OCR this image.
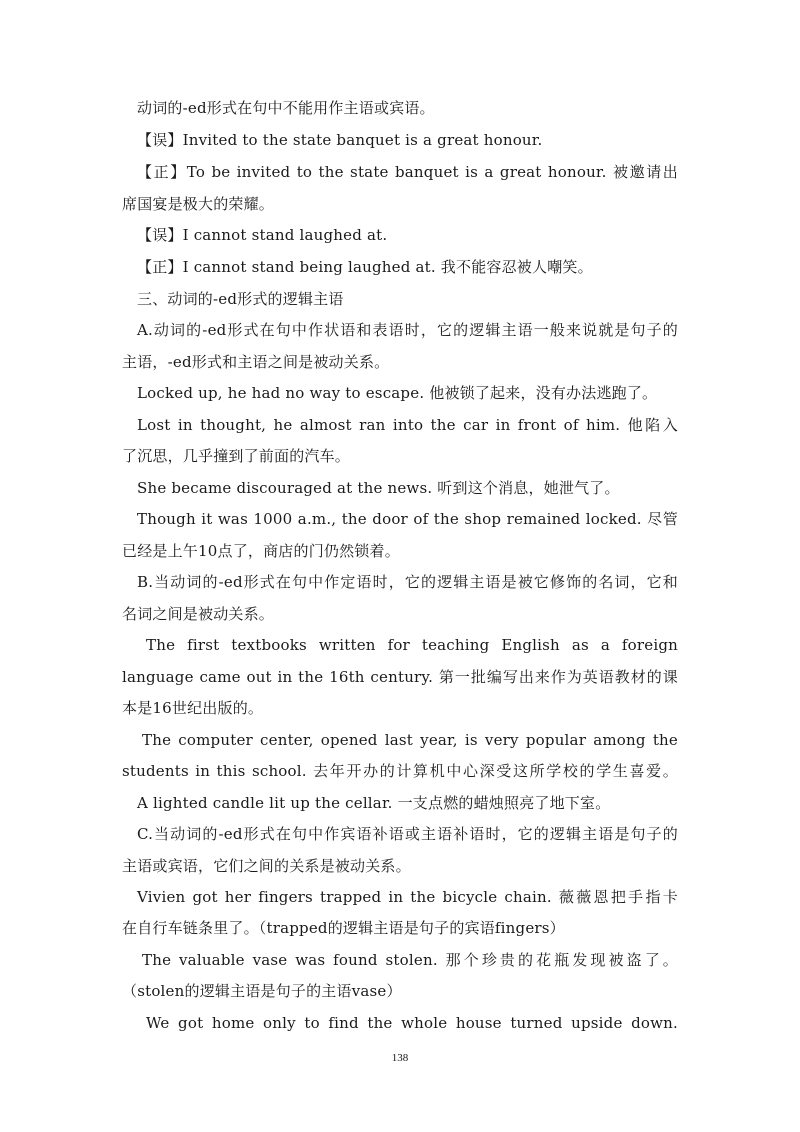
动词的-ed形式在句中不能用作主语或宾语。
【误】Invited to the state banquet is a great honour.
【正】To be invited to the state banquet is a great honour. 被邀请出
席国宴是极大的荣耀。
【误】I cannot stand laughed at.
【正】I cannot stand being laughed at. 我不能容忍被人嘲笑。
三、动词的-ed形式的逻辑主语
A.动词的-ed形式在句中作状语和表语时，它的逻辑主语一般来说就是句子的
主语，-ed形式和主语之间是被动关系。
Locked up, he had no way to escape. 他被锁了起来，没有办法逃跑了。
Lost in thought, he almost ran into the car in front of him. 他陷入
了沉思，几乎撞到了前面的汽车。
She became discouraged at the news. 听到这个消息，她泄气了。
Though it was 1000 a.m., the door of the shop remained locked. 尽管
已经是上午10点了，商店的门仍然锁着。
B.当动词的-ed形式在句中作定语时，它的逻辑主语是被它修饰的名词，它和
名词之间是被动关系。
The first textbooks written for teaching English as a foreign
language came out in the 16th century. 第一批编写出来作为英语教材的课
本是16世纪出版的。
The computer center, opened last year, is very popular among the
students in this school. 去年开办的计算机中心深受这所学校的学生喜爱。
A lighted candle lit up the cellar. 一支点燃的蜡烛照亮了地下室。
C.当动词的-ed形式在句中作宾语补语或主语补语时，它的逻辑主语是句子的
主语或宾语，它们之间的关系是被动关系。
Vivien got her fingers trapped in the bicycle chain. 薇薇恩把手指卡
在自行车链条里了。（trapped的逻辑主语是句子的宾语fingers）
The valuable vase was found stolen. 那个珍贵的花瓶发现被盗了。
（stolen的逻辑主语是句子的主语vase）
We got home only to find the whole house turned upside down.
138
